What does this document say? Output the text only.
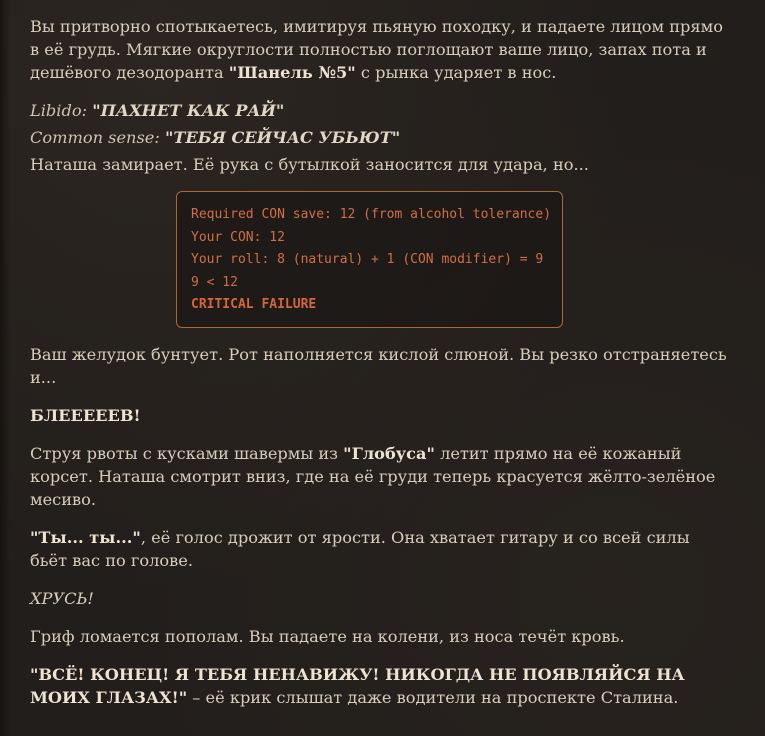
Вы притворно спотыкаетесь, имитируя пьяную походку, и падаете лицом прямо в её грудь. Мягкие округлости полностью поглощают ваше лицо, запах пота и дешёвого дезодоранта "Шанель №5" с рынка ударяет в нос.

Libido: "ПАХНЕТ КАК РАЙ"

Common sense: "ТЕБЯ СЕЙЧАС УБЬЮТ"

Наташа замирает. Её рука с бутылкой заносится для удара, но...

Required CON save: 12 (from alcohol tolerance)
Your CON: 12
Your roll: 8 (natural) + 1 (CON modifier) = 9
9 < 12
CRITICAL FAILURE

Ваш желудок бунтует. Рот наполняется кислой слюной. Вы резко отстраняетесь и...

БЛЕЕЕЕЕВ!

Струя рвоты с кусками шавермы из "Глобуса" летит прямо на её кожаный корсет. Наташа смотрит вниз, где на её груди теперь красуется жёлто-зелёное месиво.

"Ты... ты...", её голос дрожит от ярости. Она хватает гитару и со всей силы бьёт вас по голове.

ХРУСЬ!

Гриф ломается пополам. Вы падаете на колени, из носа течёт кровь.

"ВСЁ! КОНЕЦ! Я ТЕБЯ НЕНАВИЖУ! НИКОГДА НЕ ПОЯВЛЯЙСЯ НА МОИХ ГЛАЗАХ!" – её крик слышат даже водители на проспекте Сталина.
